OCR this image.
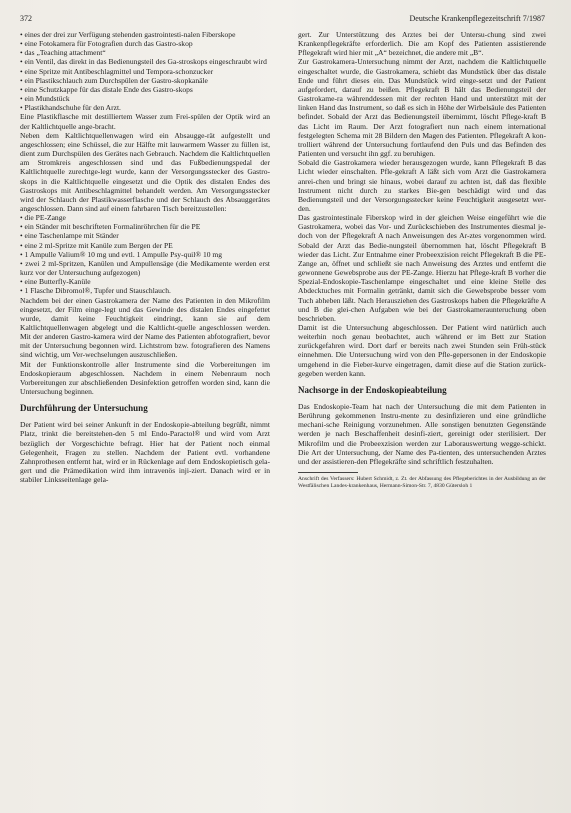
372	Deutsche Krankenpflegezeitschrift 7/1987

• eines der drei zur Verfügung stehenden gastrointesti-nalen Fiberskope

• eine Fotokamera für Fotografien durch das Gastro-skop

• das „Teaching attachment“

• ein Ventil, das direkt in das Bedienungsteil des Ga-stroskops eingeschraubt wird

• eine Spritze mit Antibeschlagmittel und Tempora-schonzucker

• ein Plastikschlauch zum Durchspülen der Gastro-skopkanäle

• eine Schutzkappe für das distale Ende des Gastro-skops

• ein Mundstück

• Plastikhandschuhe für den Arzt.

Eine Plastikflasche mit destilliertem Wasser zum Frei-spülen der Optik wird an der Kaltlichtquelle ange-bracht.

Neben dem Kaltlichtquellenwagen wird ein Absaugge-rät aufgestellt und angeschlossen; eine Schüssel, die zur Hälfte mit lauwarmem Wasser zu füllen ist, dient zum Durchspülen des Gerätes nach Gebrauch. Nachdem die Kaltlichtquellen am Stromkreis angeschlossen sind und das Fußbedienungspedal der Kaltlichtquelle zurechtge-legt wurde, kann der Versorgungsstecker des Gastro-skops in die Kaltlichtquelle eingesetzt und die Optik des distalen Endes des Gastroskops mit Antibeschlagmittel behandelt werden. Am Versorgungsstecker wird der Schlauch der Plastikwasserflasche und der Schlauch des Absauggerätes angeschlossen. Dann sind auf einem fahrbaren Tisch bereitzustellen:

• die PE-Zange

• ein Ständer mit beschrifteten Formalinröhrchen für die PE

• eine Taschenlampe mit Ständer

• eine 2 ml-Spritze mit Kanüle zum Bergen der PE

• 1 Ampulle Valium® 10 mg und evtl. 1 Ampulle Psy-quil® 10 mg

• zwei 2 ml-Spritzen, Kanülen und Ampullensäge (die Medikamente werden erst kurz vor der Untersuchung aufgezogen)

• eine Butterfly-Kanüle

• 1 Flasche Dibromol®, Tupfer und Stauschlauch.

Nachdem bei der einen Gastrokamera der Name des Patienten in den Mikrofilm eingesetzt, der Film einge-legt und das Gewinde des distalen Endes eingefettet wurde, damit keine Feuchtigkeit eindringt, kann sie auf dem Kaltlichtquellenwagen abgelegt und die Kaltlicht-quelle angeschlossen werden. Mit der anderen Gastro-kamera wird der Name des Patienten abfotografiert, bevor mit der Untersuchung begonnen wird. Lichtstrom bzw. fotografieren des Namens sind wichtig, um Ver-wechselungen auszuschließen.

Mit der Funktionskontrolle aller Instrumente sind die Vorbereitungen im Endoskopieraum abgeschlossen. Nachdem in einem Nebenraum noch Vorbereitungen zur abschließenden Desinfektion getroffen worden sind, kann die Untersuchung beginnen.

Durchführung der Untersuchung

Der Patient wird bei seiner Ankunft in der Endoskopie-abteilung begrüßt, nimmt Platz, trinkt die bereitstehen-den 5 ml Endo-Paractol® und wird vom Arzt bezüglich der Vorgeschichte befragt. Hier hat der Patient noch einmal Gelegenheit, Fragen zu stellen. Nachdem der Patient evtl. vorhandene Zahnprothesen entfernt hat, wird er in Rückenlage auf dem Endoskopietisch gela-gert und die Prämedikation wird ihm intravenös inji-ziert. Danach wird er in stabiler Linksseitenlage gela-

gert. Zur Unterstützung des Arztes bei der Untersu-chung sind zwei Krankenpflegekräfte erforderlich. Die am Kopf des Patienten assistierende Pflegekraft wird hier mit „A“ bezeichnet, die andere mit „B“.

Zur Gastrokamera-Untersuchung nimmt der Arzt, nachdem die Kaltlichtquelle eingeschaltet wurde, die Gastrokamera, schiebt das Mundstück über das distale Ende und führt dieses ein. Das Mundstück wird einge-setzt und der Patient aufgefordert, darauf zu beißen. Pflegekraft B hält das Bedienungsteil der Gastrokame-ra währenddessen mit der rechten Hand und unterstützt mit der linken Hand das Instrument, so daß es sich in Höhe der Wirbelsäule des Patienten befindet. Sobald der Arzt das Bedienungsteil übernimmt, löscht Pflege-kraft B das Licht im Raum. Der Arzt fotografiert nun nach einem international festgelegten Schema mit 28 Bildern den Magen des Patienten. Pflegekraft A kon-trolliert während der Untersuchung fortlaufend den Puls und das Befinden des Patienten und versucht ihn ggf. zu beruhigen.

Sobald die Gastrokamera wieder herausgezogen wurde, kann Pflegekraft B das Licht wieder einschalten. Pfle-gekraft A läßt sich vom Arzt die Gastrokamera anrei-chen und bringt sie hinaus, wobei darauf zu achten ist, daß das flexible Instrument nicht durch zu starkes Bie-gen beschädigt wird und das Bedienungsteil und der Versorgungsstecker keine Feuchtigkeit ausgesetzt wer-den.

Das gastrointestinale Fiberskop wird in der gleichen Weise eingeführt wie die Gastrokamera, wobei das Vor- und Zurückschieben des Instrumentes diesmal je-doch von der Pflegekraft A nach Anweisungen des Ar-ztes vorgenommen wird. Sobald der Arzt das Bedie-nungsteil übernommen hat, löscht Pflegekraft B wieder das Licht. Zur Entnahme einer Probeexzision reicht Pflegekraft B die PE-Zange an, öffnet und schließt sie nach Anweisung des Arztes und entfernt die gewonnene Gewebsprobe aus der PE-Zange. Hierzu hat Pflege-kraft B vorher die Spezial-Endoskopie-Taschenlampe eingeschaltet und eine kleine Stelle des Abdecktuches mit Formalin getränkt, damit sich die Gewebsprobe besser vom Tuch abheben läßt. Nach Herausziehen des Gastroskops haben die Pflegekräfte A und B die glei-chen Aufgaben wie bei der Gastrokameraunteruchung oben beschrieben.

Damit ist die Untersuchung abgeschlossen. Der Patient wird natürlich auch weiterhin noch genau beobachtet, auch während er im Bett zur Station zurückgefahren wird. Dort darf er bereits nach zwei Stunden sein Früh-stück einnehmen. Die Untersuchung wird von den Pfle-gepersonen in der Endoskopie umgehend in die Fieber-kurve eingetragen, damit diese auf die Station zurück-gegeben werden kann.

Nachsorge in der Endoskopieabteilung

Das Endoskopie-Team hat nach der Untersuchung die mit dem Patienten in Berührung gekommenen Instru-mente zu desinfizieren und eine gründliche mechani-sche Reinigung vorzunehmen. Alle sonstigen benutzten Gegenstände werden je nach Beschaffenheit desinfi-ziert, gereinigt oder sterilisiert. Der Mikrofilm und die Probeexzision werden zur Laborauswertung wegge-schickt. Die Art der Untersuchung, der Name des Pa-tienten, des untersuchenden Arztes und der assistieren-den Pflegekräfte sind schriftlich festzuhalten.

Anschrift des Verfassers: Hubert Schmidt, z. Zt. der Abfassung des Pflegeberichtes in der Ausbildung an der Westfälischen Landes-krankenhaus, Hermann-Simon-Str. 7, 4830 Gütersloh 1
